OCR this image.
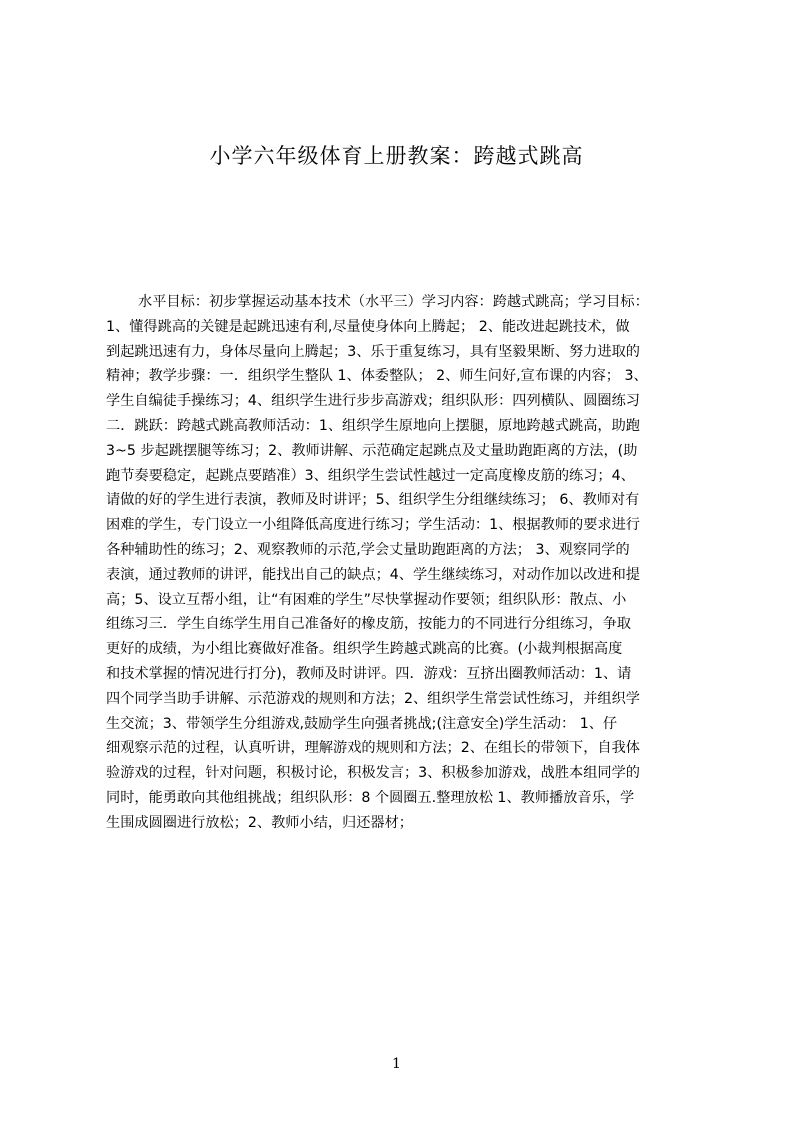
小学六年级体育上册教案：跨越式跳高
水平目标：初步掌握运动基本技术（水平三）学习内容：跨越式跳高；学习目标：
1、懂得跳高的关键是起跳迅速有利,尽量使身体向上腾起； 2、能改进起跳技术，做
到起跳迅速有力，身体尽量向上腾起；3、乐于重复练习，具有坚毅果断、努力进取的
精神；教学步骤：一．组织学生整队 1、体委整队； 2、师生问好,宣布课的内容； 3、
学生自编徒手操练习；4、组织学生进行步步高游戏；组织队形：四列横队、圆圈练习
二．跳跃：跨越式跳高教师活动：1、组织学生原地向上摆腿，原地跨越式跳高，助跑
3~5 步起跳摆腿等练习；2、教师讲解、示范确定起跳点及丈量助跑距离的方法，(助
跑节奏要稳定，起跳点要踏准）3、组织学生尝试性越过一定高度橡皮筋的练习；4、
请做的好的学生进行表演，教师及时讲评；5、组织学生分组继续练习； 6、教师对有
困难的学生，专门设立一小组降低高度进行练习；学生活动：1、根据教师的要求进行
各种辅助性的练习；2、观察教师的示范,学会丈量助跑距离的方法； 3、观察同学的
表演，通过教师的讲评，能找出自己的缺点；4、学生继续练习，对动作加以改进和提
高；5、设立互帮小组，让“有困难的学生”尽快掌握动作要领；组织队形：散点、小
组练习三．学生自练学生用自己准备好的橡皮筋，按能力的不同进行分组练习，争取
更好的成绩，为小组比赛做好准备。组织学生跨越式跳高的比赛。(小裁判根据高度
和技术掌握的情况进行打分)，教师及时讲评。四．游戏：互挤出圈教师活动：1、请
四个同学当助手讲解、示范游戏的规则和方法；2、组织学生常尝试性练习，并组织学
生交流；3、带领学生分组游戏,鼓励学生向强者挑战;(注意安全)学生活动： 1、仔
细观察示范的过程，认真听讲，理解游戏的规则和方法；2、在组长的带领下，自我体
验游戏的过程，针对问题，积极讨论，积极发言；3、积极参加游戏，战胜本组同学的
同时，能勇敢向其他组挑战；组织队形：8 个圆圈五.整理放松 1、教师播放音乐，学
生围成圆圈进行放松；2、教师小结，归还器材；
1
